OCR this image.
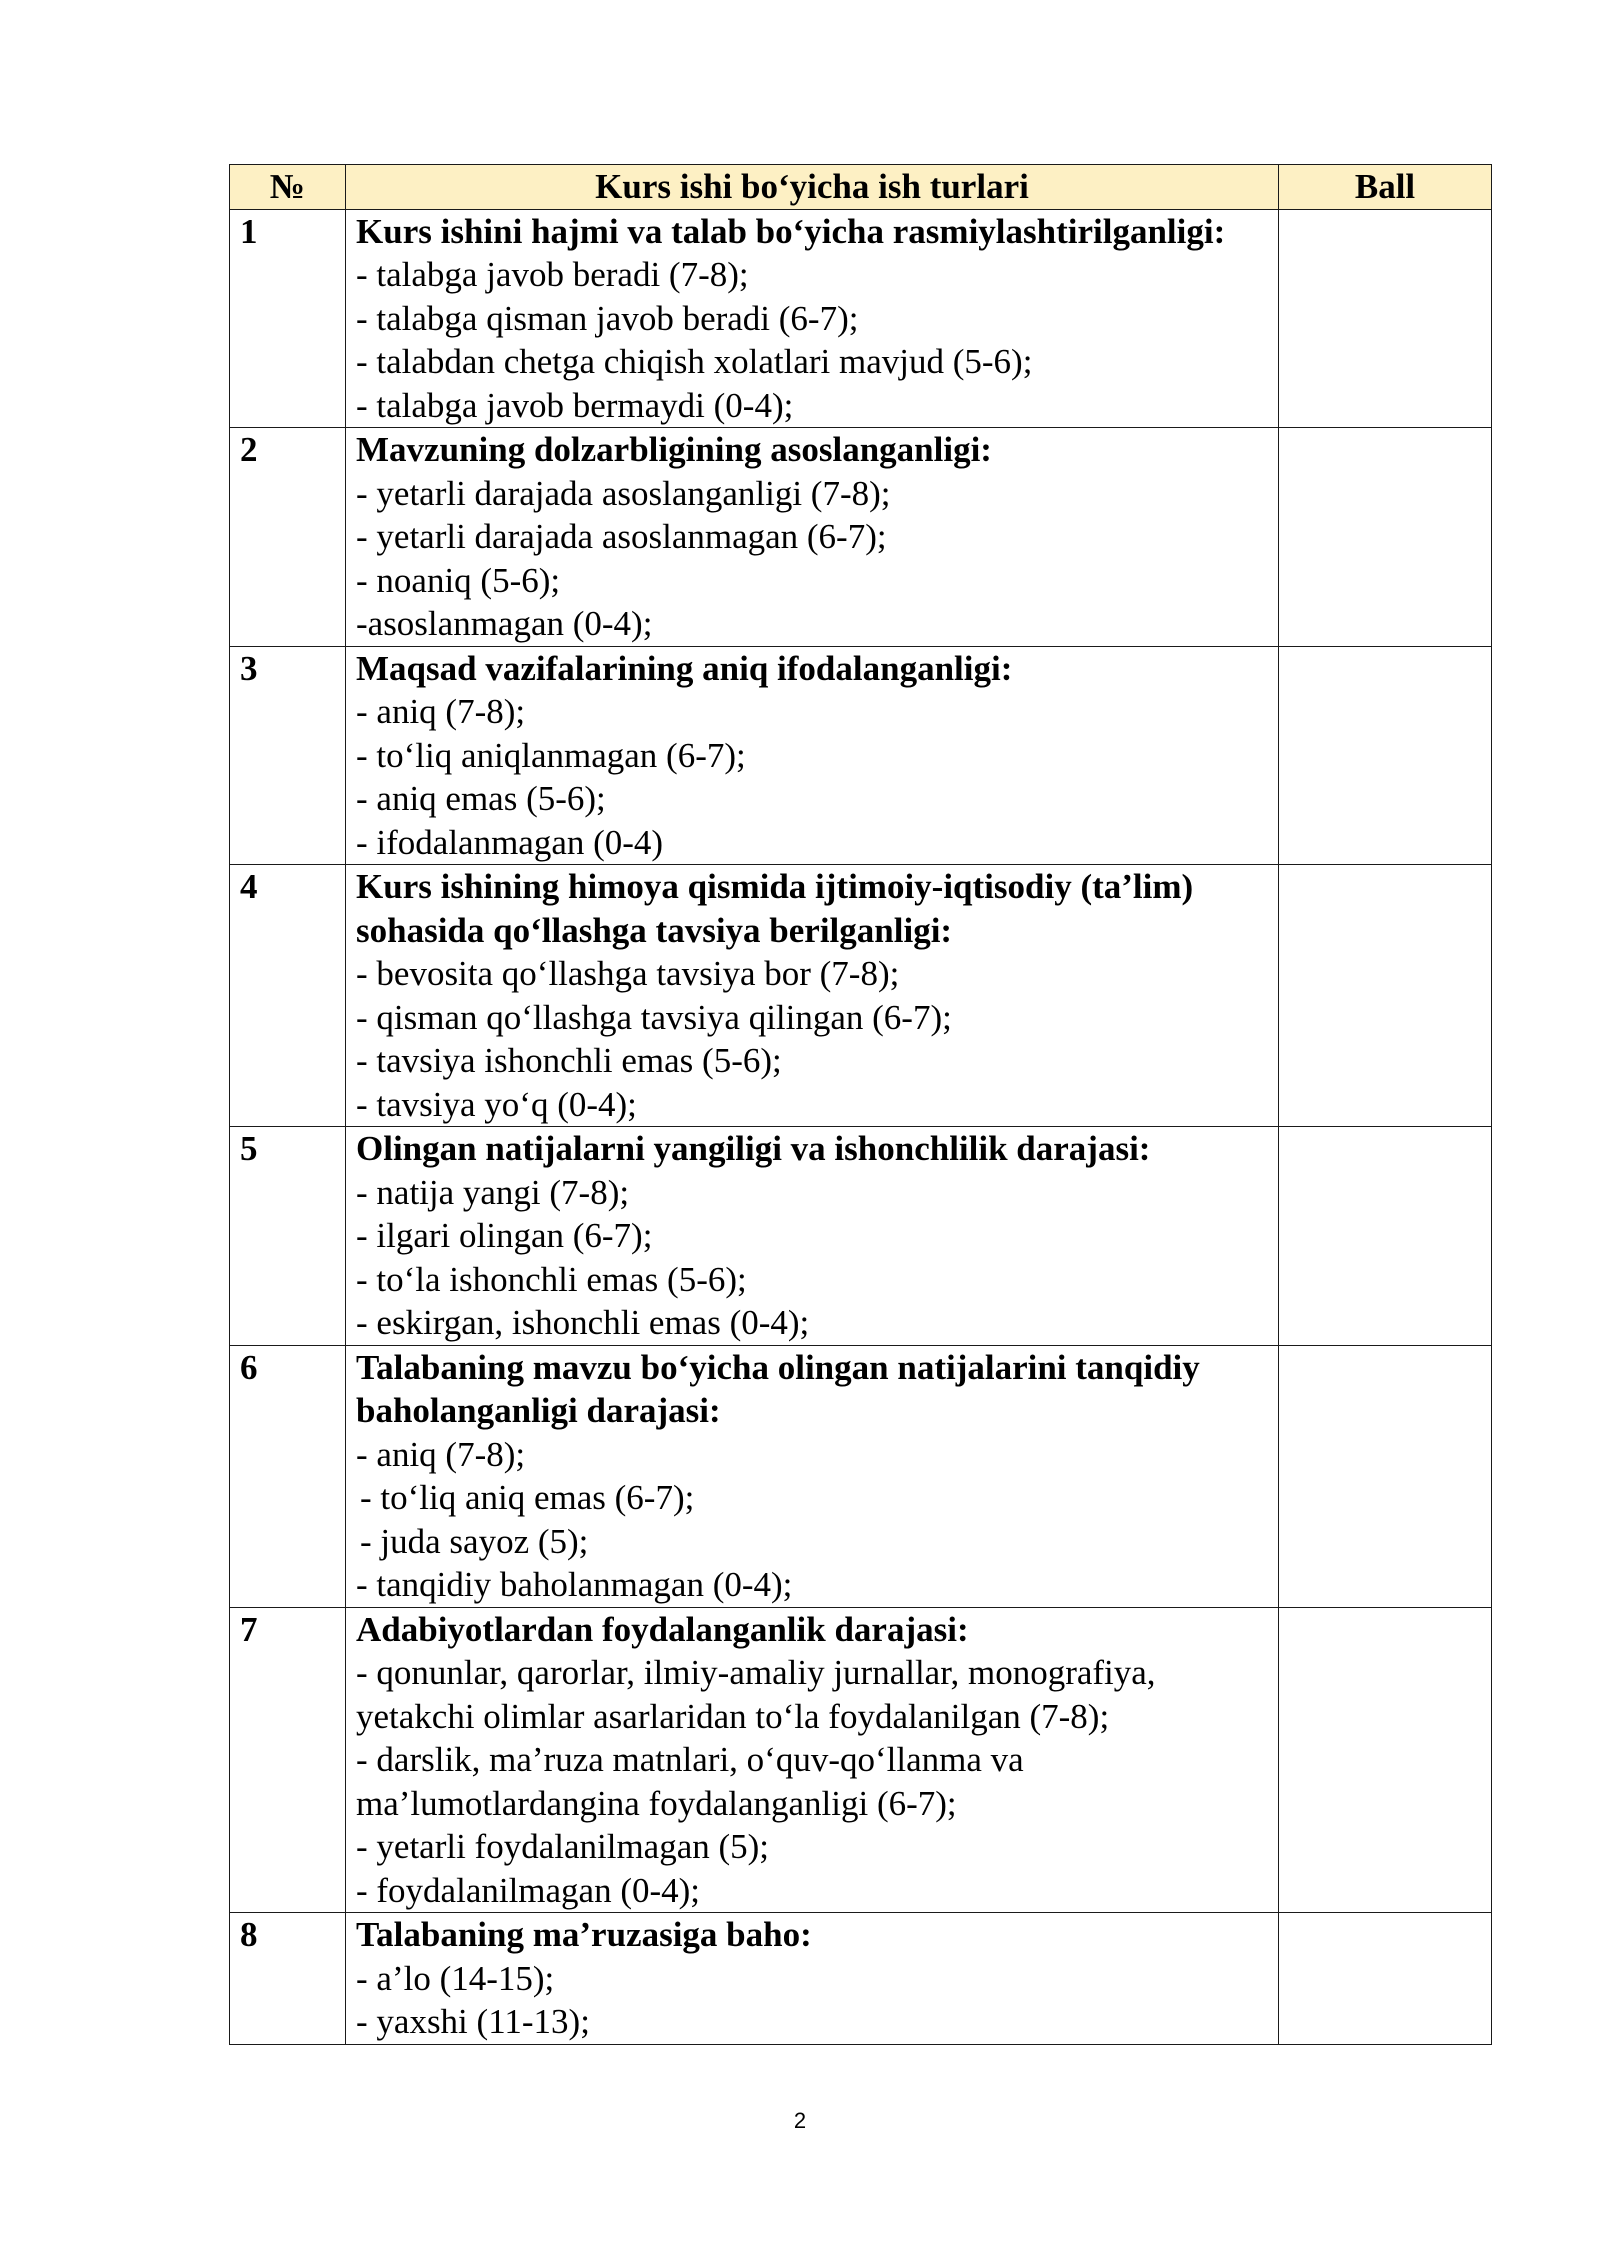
№	Kurs ishi bo‘yicha ish turlari	Ball
1	Kurs ishini hajmi va talab bo‘yicha rasmiylashtirilganligi:
- talabga javob beradi (7-8);
- talabga qisman javob beradi (6-7);
- talabdan chetga chiqish xolatlari mavjud (5-6);
- talabga javob bermaydi (0-4);	

2	Mavzuning dolzarbligining asoslanganligi:
- yetarli darajada asoslanganligi (7-8);
- yetarli darajada asoslanmagan (6-7);
- noaniq (5-6);
-asoslanmagan (0-4);	

3	Maqsad vazifalarining aniq ifodalanganligi:
- aniq (7-8);
- to‘liq aniqlanmagan (6-7);
- aniq emas (5-6);
- ifodalanmagan (0-4)	

4	Kurs ishining himoya qismida ijtimoiy-iqtisodiy (ta’lim) sohasida qo‘llashga tavsiya berilganligi:
- bevosita qo‘llashga tavsiya bor (7-8);
- qisman qo‘llashga tavsiya qilingan (6-7);
- tavsiya ishonchli emas (5-6);
- tavsiya yo‘q (0-4);	

5	Olingan natijalarni yangiligi va ishonchlilik darajasi:
- natija yangi (7-8);
- ilgari olingan (6-7);
- to‘la ishonchli emas (5-6);
- eskirgan, ishonchli emas (0-4);	

6	Talabaning mavzu bo‘yicha olingan natijalarini tanqidiy baholanganligi darajasi:
- aniq (7-8);
- to‘liq aniq emas (6-7);
- juda sayoz (5);
- tanqidiy baholanmagan (0-4);	

7	Adabiyotlardan foydalanganlik darajasi:
- qonunlar, qarorlar, ilmiy-amaliy jurnallar, monografiya, yetakchi olimlar asarlaridan to‘la foydalanilgan (7-8);
- darslik, ma’ruza matnlari, o‘quv-qo‘llanma va ma’lumotlardangina foydalanganligi (6-7);
- yetarli foydalanilmagan (5);
- foydalanilmagan (0-4);	

8	Talabaning ma’ruzasiga baho:
- a’lo (14-15);
- yaxshi (11-13);	

2
